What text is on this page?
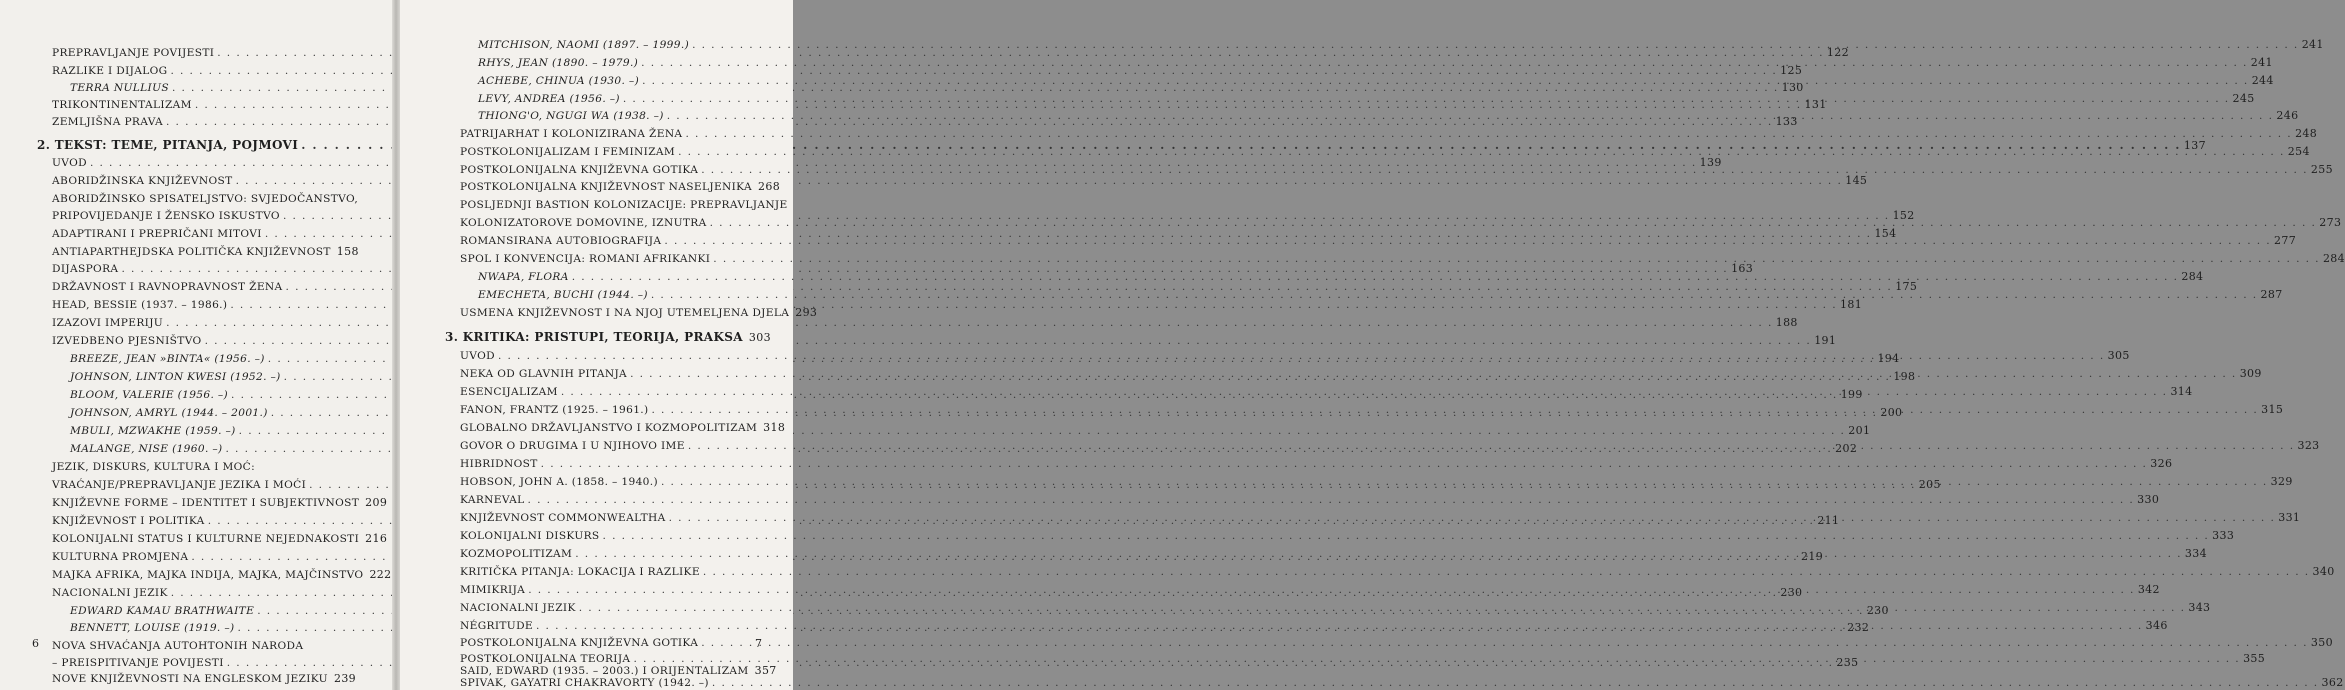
PREPRAVLJANJE POVIJESTI . . .	122
RAZLIKE I DIJALOG . . .	125
TERRA NULLIUS . . .	130
TRIKONTINENTALIZAM . . .	131
ZEMLJIŠNA PRAVA . . .	133
2. TEKST: TEME, PITANJA, POJMOVI . . .	137
UVOD . . .	139
ABORIDŽINSKA KNJIŽEVNOST . . .	145
ABORIDŽINSKO SPISATELJSTVO: SVJEDOČANSTVO,
PRIPOVIJEDANJE I ŽENSKO ISKUSTVO . . .	152
ADAPTIRANI I PREPRIČANI MITOVI . . .	154
ANTIAPARTHEJDSKA POLITIČKA KNJIŽEVNOST 158
DIJASPORA . . .	163
DRŽAVNOST I RAVNOPRAVNOST ŽENA . . .	175
HEAD, BESSIE (1937. – 1986.) . . .	181
IZAZOVI IMPERIJU . . .	188
IZVEDBENO PJESNIŠTVO . . .	191
BREEZE, JEAN »BINTA« (1956. –) . . .	194
JOHNSON, LINTON KWESI (1952. –) . . .	198
BLOOM, VALERIE (1956. –) . . .	199
JOHNSON, AMRYL (1944. – 2001.) . . .	200
MBULI, MZWAKHE (1959. –) . . .	201
MALANGE, NISE (1960. –) . . .	202
JEZIK, DISKURS, KULTURA I MOĆ:
VRAĆANJE/PREPRAVLJANJE JEZIKA I MOĆI . . .	205
KNJIŽEVNE FORME – IDENTITET I SUBJEKTIVNOST 209
KNJIŽEVNOST I POLITIKA . . .	211
KOLONIJALNI STATUS I KULTURNE NEJEDNAKOSTI 216
KULTURNA PROMJENA . . .	219
MAJKA AFRIKA, MAJKA INDIJA, MAJKA, MAJČINSTVO 222
NACIONALNI JEZIK . . .	230
EDWARD KAMAU BRATHWAITE . . .	230
BENNETT, LOUISE (1919. –) . . .	232
NOVA SHVAĆANJA AUTOHTONIH NARODA
– PREISPITIVANJE POVIJESTI . . .	235
NOVE KNJIŽEVNOSTI NA ENGLESKOM JEZIKU 239
6
MITCHISON, NAOMI (1897. – 1999.) . . .	241
RHYS, JEAN (1890. – 1979.) . . .	241
ACHEBE, CHINUA (1930. –) . . .	244
LEVY, ANDREA (1956. –) . . .	245
THIONG'O, NGUGI WA (1938. –) . . .	246
PATRIJARHAT I KOLONIZIRANA ŽENA . . .	248
POSTKOLONIJALIZAM I FEMINIZAM . . .	254
POSTKOLONIJALNA KNJIŽEVNA GOTIKA . . .	255
POSTKOLONIJALNA KNJIŽEVNOST NASELJENIKA 268
POSLJEDNJI BASTION KOLONIZACIJE: PREPRAVLJANJE
KOLONIZATOROVE DOMOVINE, IZNUTRA . . .	273
ROMANSIRANA AUTOBIOGRAFIJA . . .	277
SPOL I KONVENCIJA: ROMANI AFRIKANKI . . .	284
NWAPA, FLORA . . .	284
EMECHETA, BUCHI (1944. –) . . .	287
USMENA KNJIŽEVNOST I NA NJOJ UTEMELJENA DJELA 293
3. KRITIKA: PRISTUPI, TEORIJA, PRAKSA 303
UVOD . . .	305
NEKA OD GLAVNIH PITANJA . . .	309
ESENCIJALIZAM . . .	314
FANON, FRANTZ (1925. – 1961.) . . .	315
GLOBALNO DRŽAVLJANSTVO I KOZMOPOLITIZAM 318
GOVOR O DRUGIMA I U NJIHOVO IME . . .	323
HIBRIDNOST . . .	326
HOBSON, JOHN A. (1858. – 1940.) . . .	329
KARNEVAL . . .	330
KNJIŽEVNOST COMMONWEALTHA . . .	331
KOLONIJALNI DISKURS . . .	333
KOZMOPOLITIZAM . . .	334
KRITIČKA PITANJA: LOKACIJA I RAZLIKE . . .	340
MIMIKRIJA . . .	342
NACIONALNI JEZIK . . .	343
NÉGRITUDE . . .	346
POSTKOLONIJALNA KNJIŽEVNA GOTIKA . . .	350
POSTKOLONIJALNA TEORIJA . . .	355
SAID, EDWARD (1935. – 2003.) I ORIJENTALIZAM 357
SPIVAK, GAYATRI CHAKRAVORTY (1942. –) . . .	362
7
